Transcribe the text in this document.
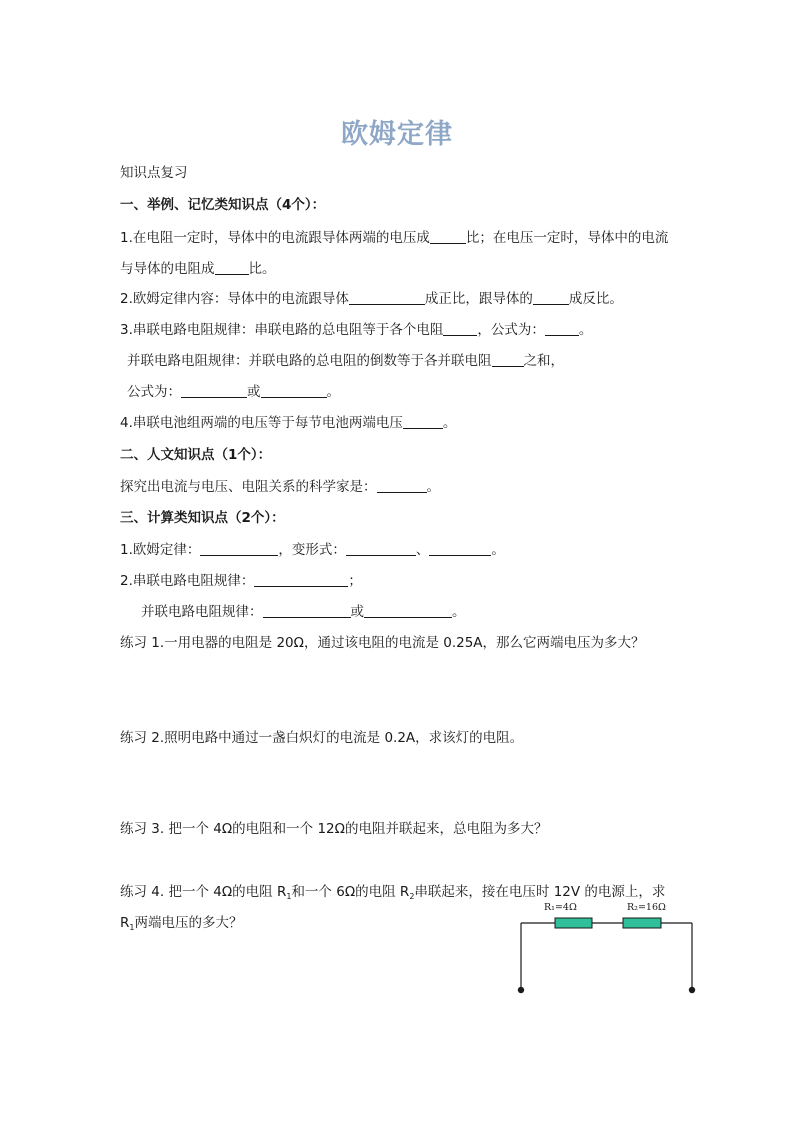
欧姆定律
知识点复习
一、举例、记忆类知识点（4个）：
1.在电阻一定时，导体中的电流跟导体两端的电压成	比；在电压一定时，导体中的电流
与导体的电阻成	比。
2.欧姆定律内容：导体中的电流跟导体	成正比，跟导体的	成反比。
3.串联电路电阻规律：串联电路的总电阻等于各个电阻	，公式为：	。
并联电路电阻规律：并联电路的总电阻的倒数等于各并联电阻 之和，
公式为：	或	。
4.串联电池组两端的电压等于每节电池两端电压	。
二、人文知识点（1个）：
探究出电流与电压、电阻关系的科学家是：	。
三、计算类知识点（2个）：
1.欧姆定律：	，变形式：	、	。
2.串联电路电阻规律：	；
并联电路电阻规律：	或	。
练习 1.一用电器的电阻是 20Ω，通过该电阻的电流是 0.25A，那么它两端电压为多大？
练习 2.照明电路中通过一盏白炽灯的电流是 0.2A，求该灯的电阻。
练习 3. 把一个 4Ω的电阻和一个 12Ω的电阻并联起来，总电阻为多大？
练习 4. 把一个 4Ω的电阻 $R_1$和一个 6Ω的电阻 $R_2$串联起来，接在电压时 12V 的电源上，求
$R_1$两端电压的多大？
R₁=4Ω	R₂=16Ω
